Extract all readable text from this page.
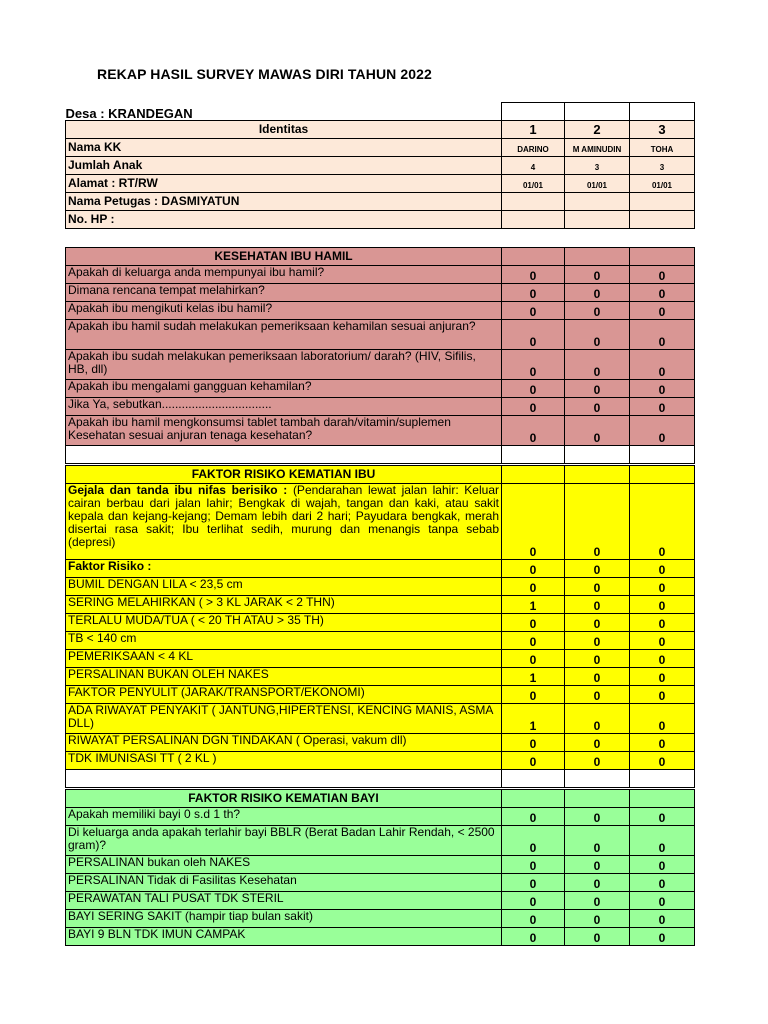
REKAP HASIL SURVEY MAWAS DIRI TAHUN 2022
Desa : KRANDEGAN			
Identitas	1	2	3
Nama KK	DARINO	M AMINUDIN	TOHA
Jumlah Anak	4	3	3
Alamat : RT/RW	01/01	01/01	01/01
Nama Petugas : DASMIYATUN			
No. HP :			
KESEHATAN IBU HAMIL			
Apakah di keluarga anda mempunyai ibu hamil?	0	0	0
Dimana rencana tempat melahirkan?	0	0	0
Apakah ibu mengikuti kelas ibu hamil?	0	0	0
Apakah ibu hamil sudah melakukan pemeriksaan kehamilan sesuai anjuran?	0	0	0
Apakah ibu sudah melakukan pemeriksaan laboratorium/ darah? (HIV, Sifilis, HB, dll)	0	0	0
Apakah ibu mengalami gangguan kehamilan?	0	0	0
Jika Ya, sebutkan.................................	0	0	0
Apakah ibu hamil mengkonsumsi tablet tambah darah/vitamin/suplemen Kesehatan sesuai anjuran tenaga kesehatan?	0	0	0

FAKTOR RISIKO KEMATIAN IBU			
Gejala dan tanda ibu nifas berisiko : (Pendarahan lewat jalan lahir: Keluar cairan berbau dari jalan lahir; Bengkak di wajah, tangan dan kaki, atau sakit kepala dan kejang-kejang; Demam lebih dari 2 hari; Payudara bengkak, merah disertai rasa sakit; Ibu terlihat sedih, murung dan menangis tanpa sebab (depresi)	0	0	0
Faktor Risiko :	0	0	0
BUMIL DENGAN LILA < 23,5 cm	0	0	0
SERING MELAHIRKAN ( > 3 KL JARAK < 2 THN)	1	0	0
TERLALU MUDA/TUA ( < 20 TH ATAU > 35 TH)	0	0	0
TB < 140 cm	0	0	0
PEMERIKSAAN < 4 KL	0	0	0
PERSALINAN BUKAN OLEH NAKES	1	0	0
FAKTOR PENYULIT (JARAK/TRANSPORT/EKONOMI)	0	0	0
ADA RIWAYAT PENYAKIT ( JANTUNG,HIPERTENSI, KENCING MANIS, ASMA DLL)	1	0	0
RIWAYAT PERSALINAN DGN TINDAKAN ( Operasi, vakum dll)	0	0	0
TDK IMUNISASI TT ( 2 KL )	0	0	0

FAKTOR RISIKO KEMATIAN BAYI			
Apakah memiliki bayi 0 s.d 1 th?	0	0	0
Di keluarga anda apakah terlahir bayi BBLR (Berat Badan Lahir Rendah, < 2500 gram)?	0	0	0
PERSALINAN bukan oleh NAKES	0	0	0
PERSALINAN Tidak di Fasilitas Kesehatan	0	0	0
PERAWATAN TALI PUSAT TDK STERIL	0	0	0
BAYI SERING SAKIT (hampir tiap bulan sakit)	0	0	0
BAYI 9 BLN TDK IMUN CAMPAK	0	0	0
